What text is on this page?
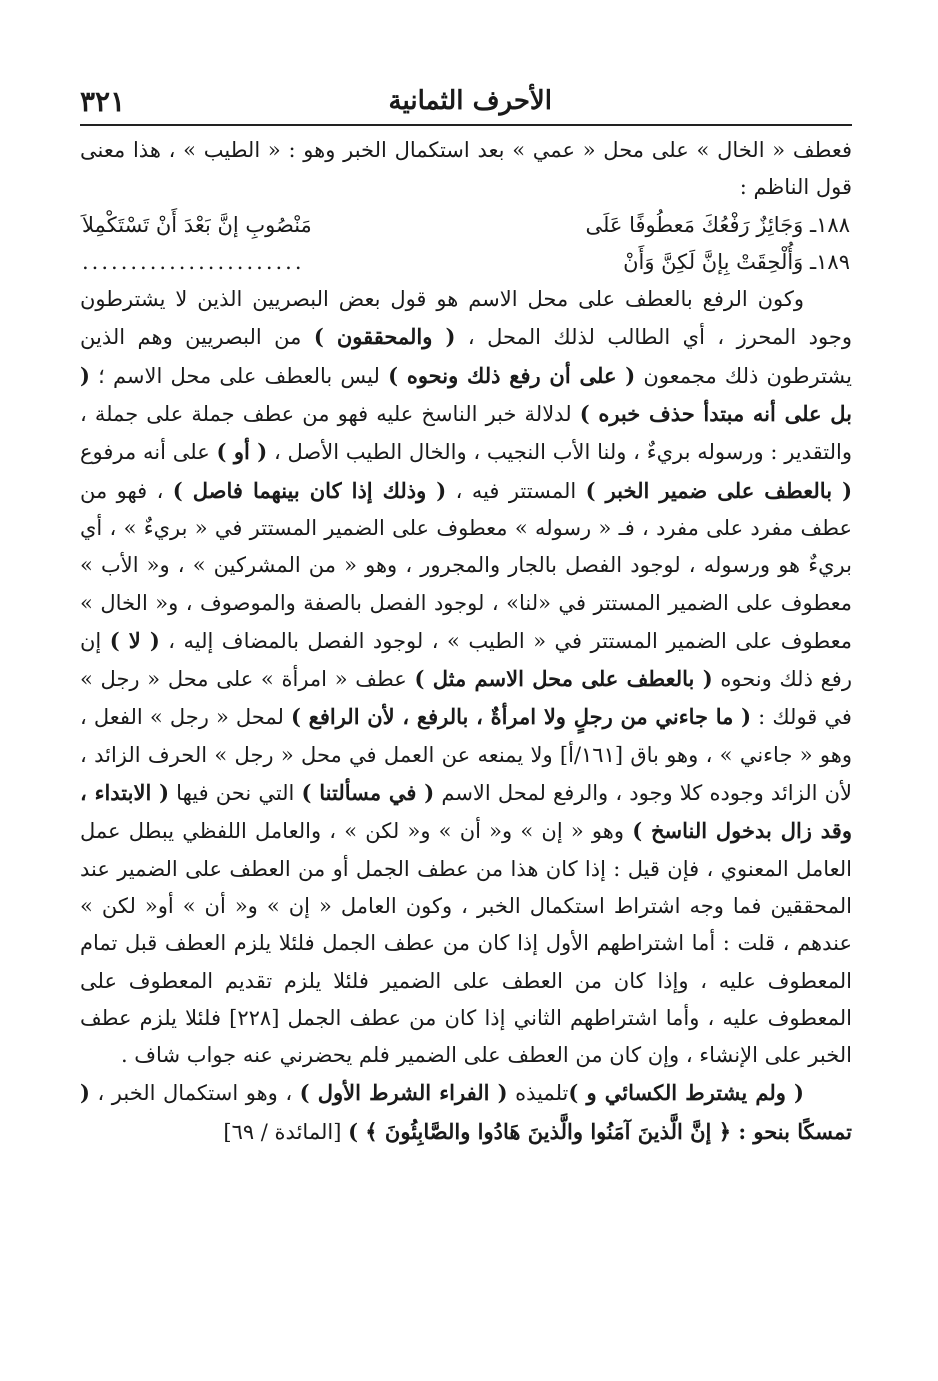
الأحرف الثمانية
٣٢١

فعطف « الخال » على محل « عمي » بعد استكمال الخبر وهو : « الطيب » ، هذا معنى قول الناظم :

١٨٨ـ وَجَائِزٌ رَفْعُكَ مَعطُوفًا عَلَى
مَنْصُوبِ إنَّ بَعْدَ أَنْ تَسْتَكْمِلاَ
١٨٩ـ وَأُلْحِقَتْ بِإنَّ لَكِنَّ وَأَنْ
.......................

وكون الرفع بالعطف على محل الاسم هو قول بعض البصريين الذين لا يشترطون وجود المحرز ، أي الطالب لذلك المحل ، ( والمحققون ) من البصريين وهم الذين يشترطون ذلك مجمعون ( على أن رفع ذلك ونحوه ) ليس بالعطف على محل الاسم ؛ ( بل على أنه مبتدأ حذف خبره ) لدلالة خبر الناسخ عليه فهو من عطف جملة على جملة ، والتقدير : ورسوله بريءٌ ، ولنا الأب النجيب ، والخال الطيب الأصل ، ( أو ) على أنه مرفوع ( بالعطف على ضمير الخبر ) المستتر فيه ، ( وذلك إذا كان بينهما فاصل ) ، فهو من عطف مفرد على مفرد ، فـ « رسوله » معطوف على الضمير المستتر في « بريءٌ » ، أي بريءٌ هو ورسوله ، لوجود الفصل بالجار والمجرور ، وهو « من المشركين » ، و« الأب » معطوف على الضمير المستتر في «لنا» ، لوجود الفصل بالصفة والموصوف ، و« الخال » معطوف على الضمير المستتر في « الطيب » ، لوجود الفصل بالمضاف إليه ، ( لا ) إن رفع ذلك ونحوه ( بالعطف على محل الاسم مثل ) عطف « امرأة » على محل « رجل » في قولك : ( ما جاءني من رجلٍ ولا امرأةٌ ، بالرفع ، لأن الرافع ) لمحل « رجل » الفعل ، وهو « جاءني » ، وهو باق [١٦١/أ] ولا يمنعه عن العمل في محل « رجل » الحرف الزائد ، لأن الزائد وجوده كلا وجود ، والرفع لمحل الاسم ( في مسألتنا ) التي نحن فيها ( الابتداء ، وقد زال بدخول الناسخ ) وهو « إن » و« أن » و« لكن » ، والعامل اللفظي يبطل عمل العامل المعنوي ، فإن قيل : إذا كان هذا من عطف الجمل أو من العطف على الضمير عند المحققين فما وجه اشتراط استكمال الخبر ، وكون العامل « إن » و« أن » أو« لكن » عندهم ، قلت : أما اشتراطهم الأول إذا كان من عطف الجمل فلئلا يلزم العطف قبل تمام المعطوف عليه ، وإذا كان من العطف على الضمير فلئلا يلزم تقديم المعطوف على المعطوف عليه ، وأما اشتراطهم الثاني إذا كان من عطف الجمل [٢٢٨] فلئلا يلزم عطف الخبر على الإنشاء ، وإن كان من العطف على الضمير فلم يحضرني عنه جواب شاف .

( ولم يشترط الكسائي و )تلميذه ( الفراء الشرط الأول ) ، وهو استكمال الخبر ، ( تمسكًا بنحو : ﴿ إنَّ الَّذينَ آمَنُوا والَّذينَ هَادُوا والصَّابِئُونَ ﴾ ) [المائدة / ٦٩]
